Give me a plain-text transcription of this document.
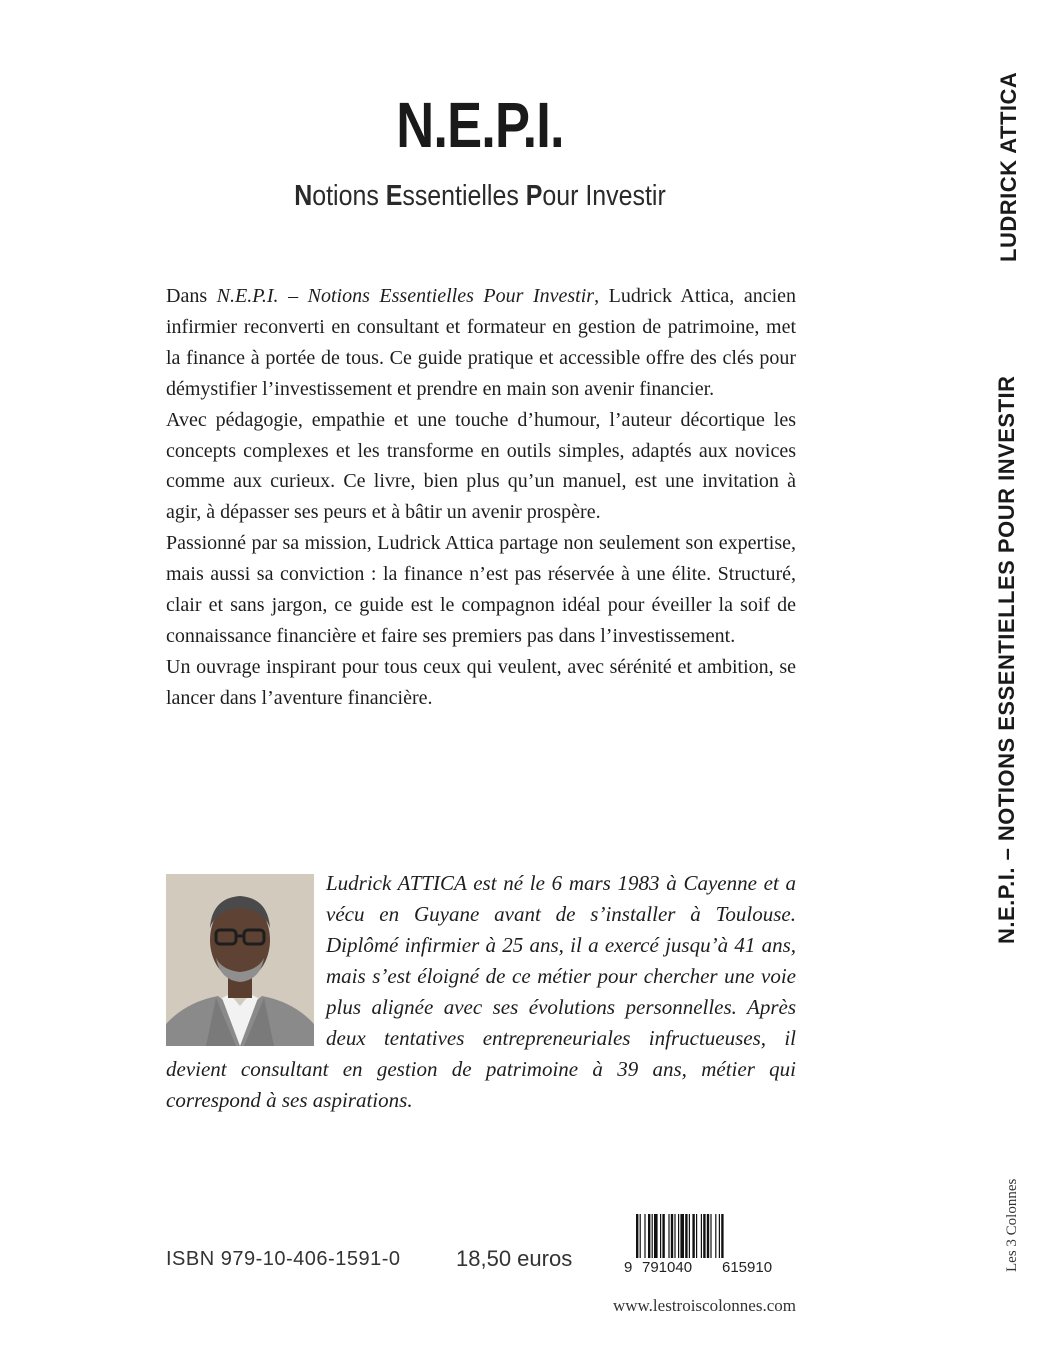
N.E.P.I.
Notions Essentielles Pour Investir

Dans N.E.P.I. – Notions Essentielles Pour Investir, Ludrick Attica, ancien infirmier reconverti en consultant et formateur en gestion de patrimoine, met la finance à portée de tous. Ce guide pratique et accessible offre des clés pour démystifier l’investissement et prendre en main son avenir financier.

Avec pédagogie, empathie et une touche d’humour, l’auteur décortique les concepts complexes et les transforme en outils simples, adaptés aux novices comme aux curieux. Ce livre, bien plus qu’un manuel, est une invitation à agir, à dépasser ses peurs et à bâtir un avenir prospère.

Passionné par sa mission, Ludrick Attica partage non seulement son expertise, mais aussi sa conviction : la finance n’est pas réservée à une élite. Structuré, clair et sans jargon, ce guide est le compagnon idéal pour éveiller la soif de connaissance financière et faire ses premiers pas dans l’investissement.

Un ouvrage inspirant pour tous ceux qui veulent, avec sérénité et ambition, se lancer dans l’aventure financière.

Ludrick ATTICA est né le 6 mars 1983 à Cayenne et a vécu en Guyane avant de s’installer à Toulouse. Diplômé infirmier à 25 ans, il a exercé jusqu’à 41 ans, mais s’est éloigné de ce métier pour chercher une voie plus alignée avec ses évolutions personnelles. Après deux tentatives entrepreneuriales infructueuses, il devient consultant en gestion de patrimoine à 39 ans, métier qui correspond à ses aspirations.
ISBN 979-10-406-1591-0	18,50 euros	9 791040 615910
www.lestroiscolonnes.com
LUDRICK ATTICA
N.E.P.I. – NOTIONS ESSENTIELLES POUR INVESTIR
Les 3 Colonnes
